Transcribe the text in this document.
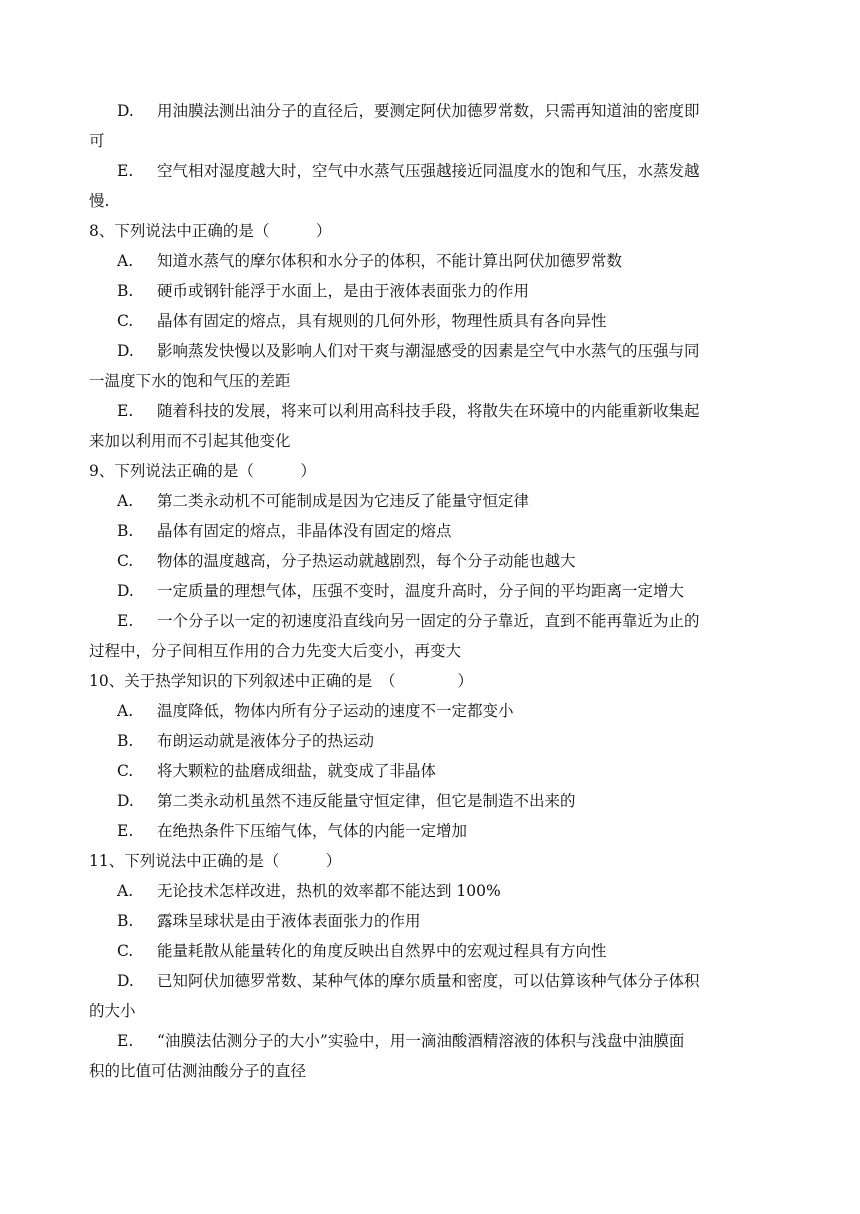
D. 用油膜法测出油分子的直径后，要测定阿伏加德罗常数，只需再知道油的密度即
可
E. 空气相对湿度越大时，空气中水蒸气压强越接近同温度水的饱和气压，水蒸发越
慢.
8、下列说法中正确的是（　　　）
A. 知道水蒸气的摩尔体积和水分子的体积，不能计算出阿伏加德罗常数
B. 硬币或钢针能浮于水面上，是由于液体表面张力的作用
C. 晶体有固定的熔点，具有规则的几何外形，物理性质具有各向异性
D. 影响蒸发快慢以及影响人们对干爽与潮湿感受的因素是空气中水蒸气的压强与同
一温度下水的饱和气压的差距
E. 随着科技的发展，将来可以利用高科技手段，将散失在环境中的内能重新收集起
来加以利用而不引起其他变化
9、下列说法正确的是（　　　）
A. 第二类永动机不可能制成是因为它违反了能量守恒定律
B. 晶体有固定的熔点，非晶体没有固定的熔点
C. 物体的温度越高，分子热运动就越剧烈，每个分子动能也越大
D. 一定质量的理想气体，压强不变时，温度升高时，分子间的平均距离一定增大
E. 一个分子以一定的初速度沿直线向另一固定的分子靠近，直到不能再靠近为止的
过程中，分子间相互作用的合力先变大后变小，再变大
10、关于热学知识的下列叙述中正确的是　（　　　　）
A. 温度降低，物体内所有分子运动的速度不一定都变小
B. 布朗运动就是液体分子的热运动
C. 将大颗粒的盐磨成细盐，就变成了非晶体
D. 第二类永动机虽然不违反能量守恒定律，但它是制造不出来的
E. 在绝热条件下压缩气体，气体的内能一定增加
11、下列说法中正确的是（　　　）
A. 无论技术怎样改进，热机的效率都不能达到 100%
B. 露珠呈球状是由于液体表面张力的作用
C. 能量耗散从能量转化的角度反映出自然界中的宏观过程具有方向性
D. 已知阿伏加德罗常数、某种气体的摩尔质量和密度，可以估算该种气体分子体积
的大小
E. “油膜法估测分子的大小”实验中，用一滴油酸酒精溶液的体积与浅盘中油膜面
积的比值可估测油酸分子的直径
